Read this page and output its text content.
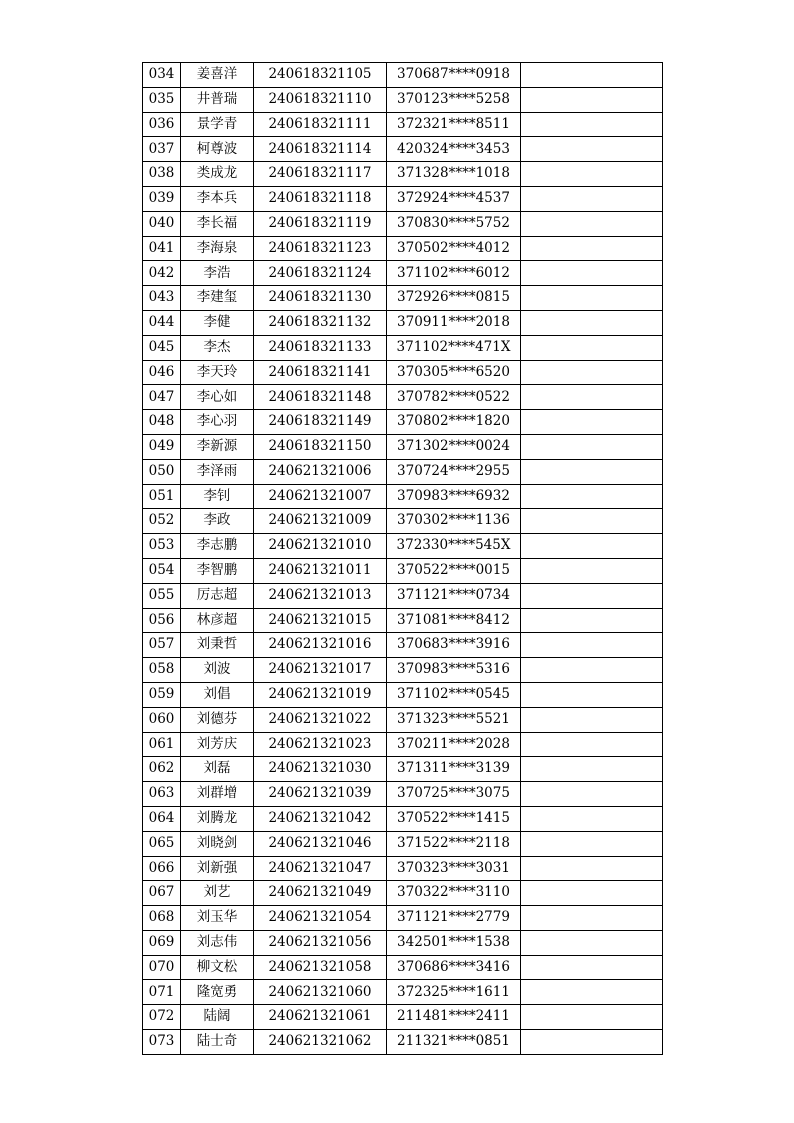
034	姜喜洋	240618321105	370687****0918	
035	井普瑞	240618321110	370123****5258	
036	景学青	240618321111	372321****8511	
037	柯尊波	240618321114	420324****3453	
038	类成龙	240618321117	371328****1018	
039	李本兵	240618321118	372924****4537	
040	李长福	240618321119	370830****5752	
041	李海泉	240618321123	370502****4012	
042	李浩	240618321124	371102****6012	
043	李建玺	240618321130	372926****0815	
044	李健	240618321132	370911****2018	
045	李杰	240618321133	371102****471X	
046	李天玲	240618321141	370305****6520	
047	李心如	240618321148	370782****0522	
048	李心羽	240618321149	370802****1820	
049	李新源	240618321150	371302****0024	
050	李泽雨	240621321006	370724****2955	
051	李钊	240621321007	370983****6932	
052	李政	240621321009	370302****1136	
053	李志鹏	240621321010	372330****545X	
054	李智鹏	240621321011	370522****0015	
055	厉志超	240621321013	371121****0734	
056	林彦超	240621321015	371081****8412	
057	刘秉哲	240621321016	370683****3916	
058	刘波	240621321017	370983****5316	
059	刘倡	240621321019	371102****0545	
060	刘德芬	240621321022	371323****5521	
061	刘芳庆	240621321023	370211****2028	
062	刘磊	240621321030	371311****3139	
063	刘群增	240621321039	370725****3075	
064	刘腾龙	240621321042	370522****1415	
065	刘晓剑	240621321046	371522****2118	
066	刘新强	240621321047	370323****3031	
067	刘艺	240621321049	370322****3110	
068	刘玉华	240621321054	371121****2779	
069	刘志伟	240621321056	342501****1538	
070	柳文松	240621321058	370686****3416	
071	隆宽勇	240621321060	372325****1611	
072	陆阔	240621321061	211481****2411	
073	陆士奇	240621321062	211321****0851	
